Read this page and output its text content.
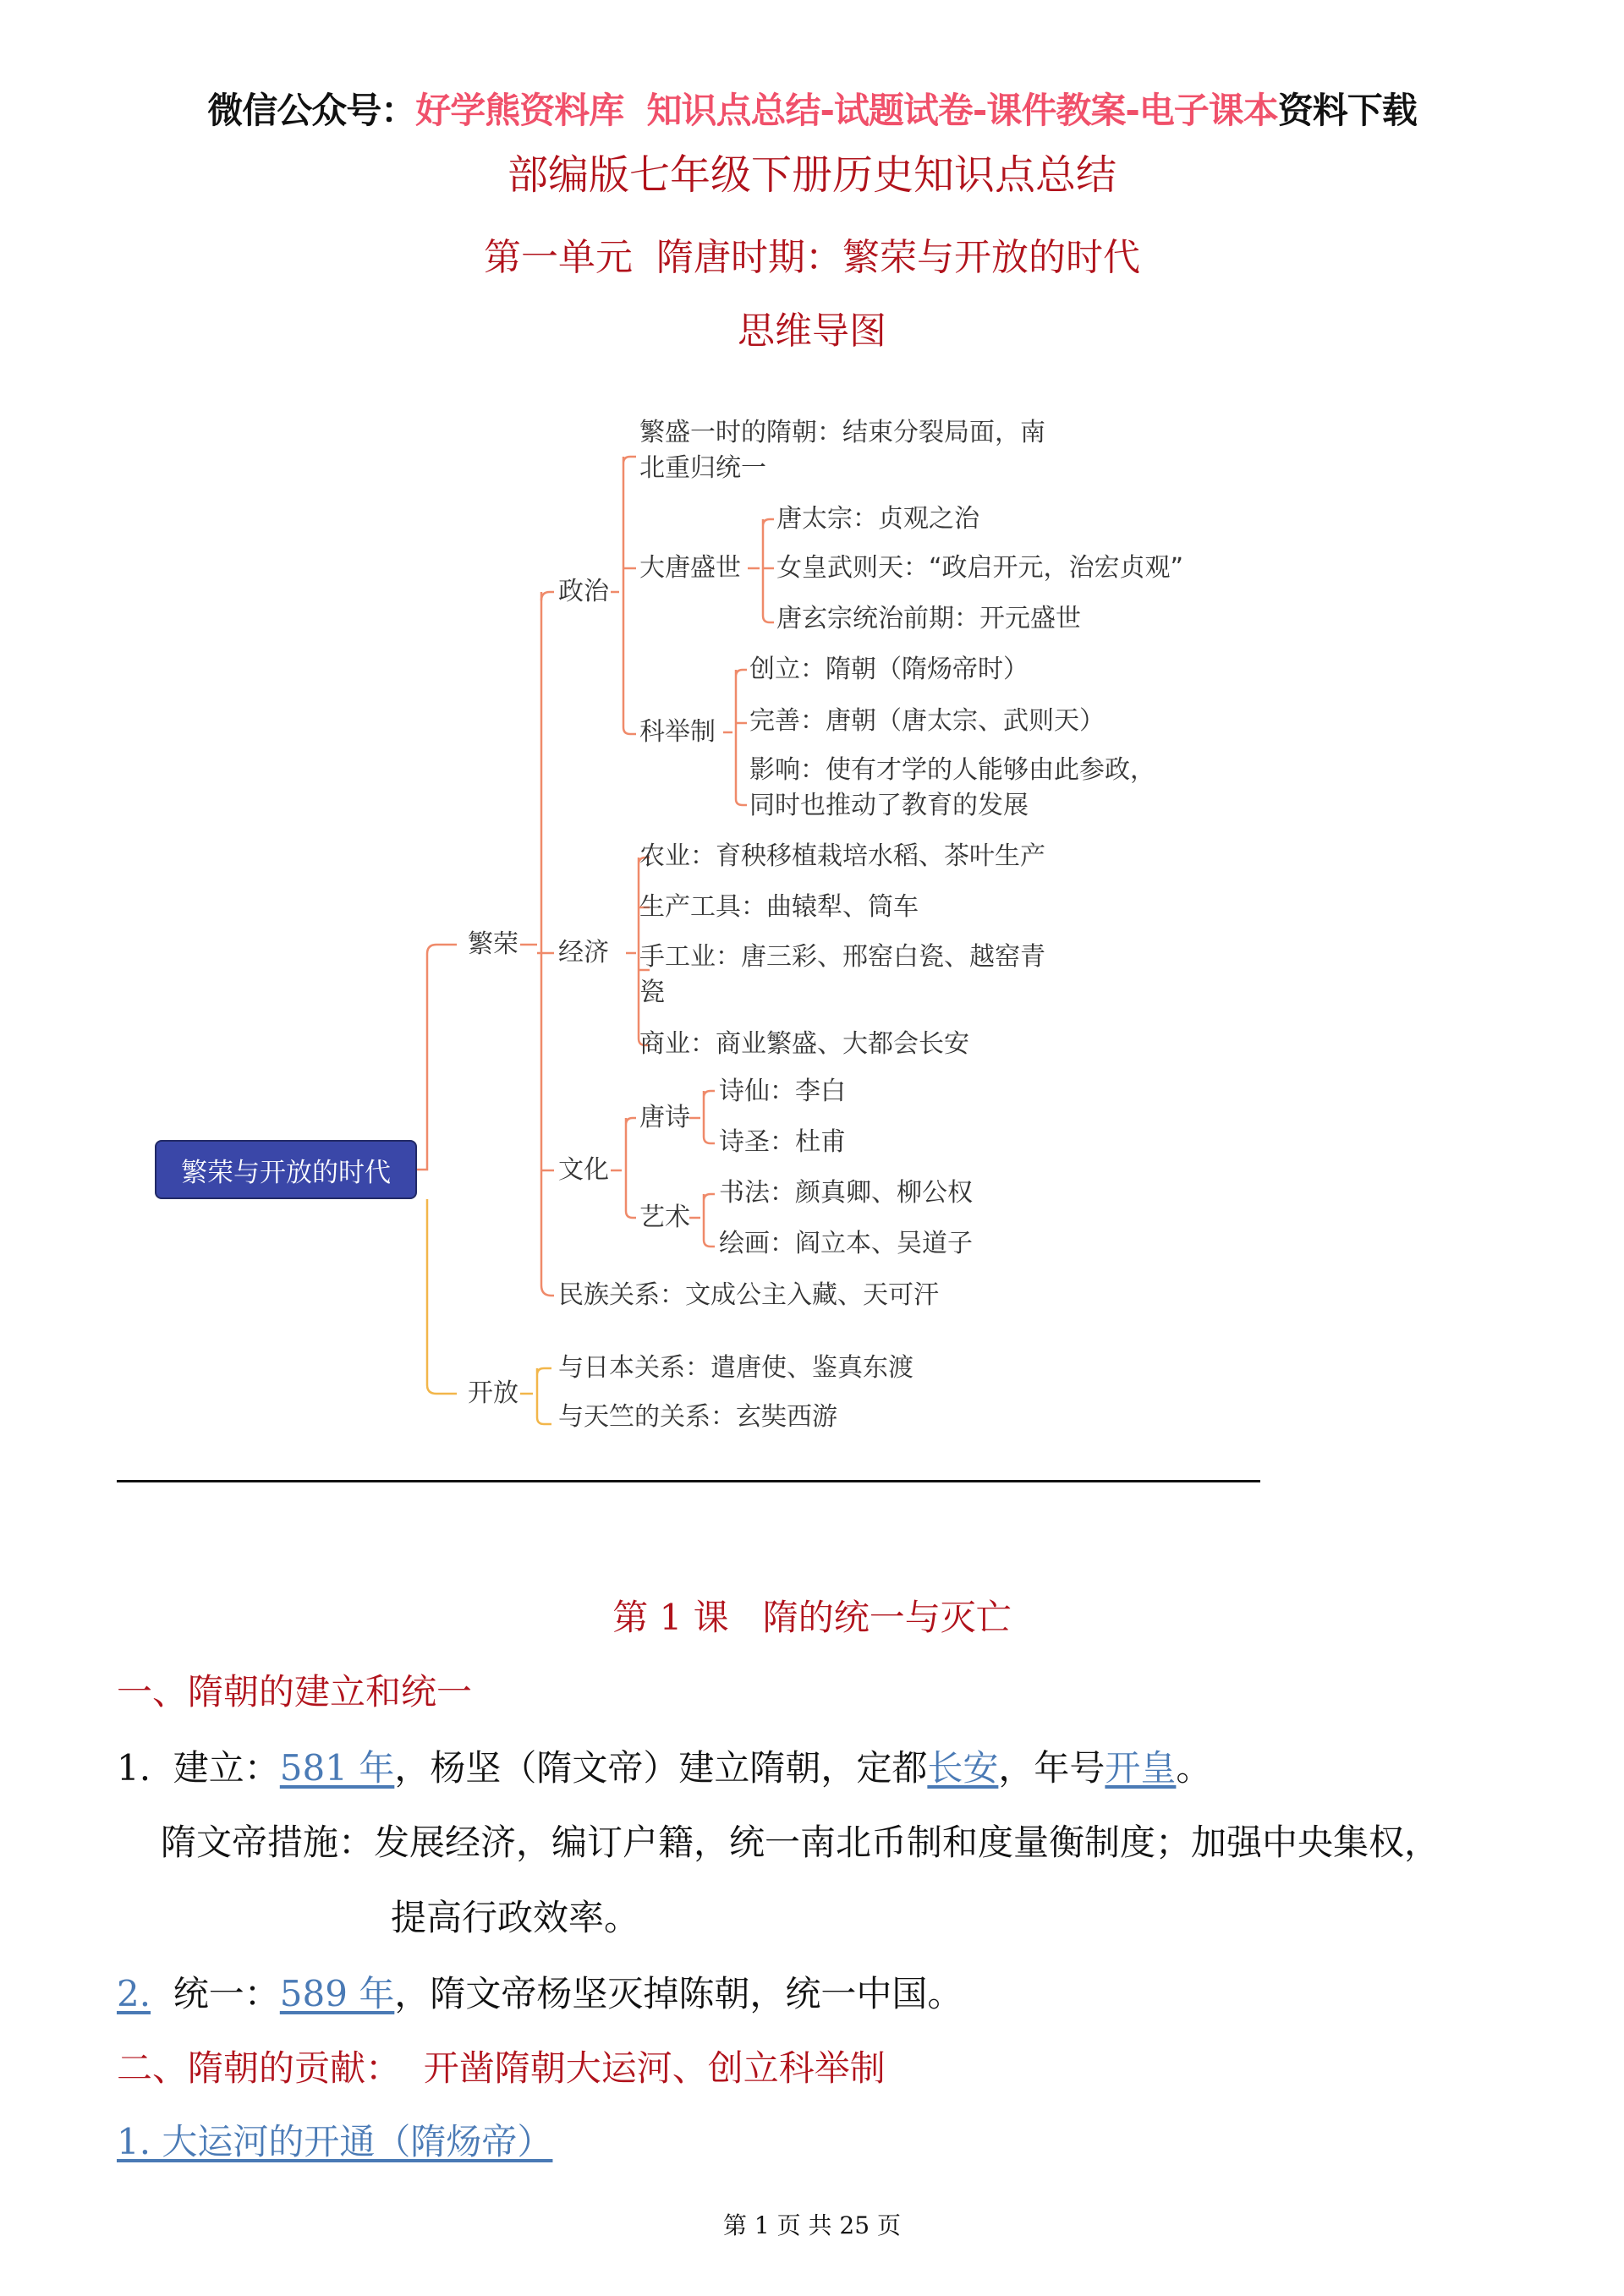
微信公众号：好学熊资料库 知识点总结-试题试卷-课件教案-电子课本资料下载
部编版七年级下册历史知识点总结
第一单元  隋唐时期：繁荣与开放的时代
思维导图
繁荣与开放的时代
繁荣
开放
政治
繁盛一时的隋朝：结束分裂局面，南
北重归统一
大唐盛世
唐太宗：贞观之治
女皇武则天：“政启开元，治宏贞观”
唐玄宗统治前期：开元盛世
科举制
创立：隋朝（隋炀帝时）
完善：唐朝（唐太宗、武则天）
影响：使有才学的人能够由此参政，
同时也推动了教育的发展
经济
农业：育秧移植栽培水稻、茶叶生产
生产工具：曲辕犁、筒车
手工业：唐三彩、邢窑白瓷、越窑青
瓷
商业：商业繁盛、大都会长安
文化
唐诗
诗仙：李白
诗圣：杜甫
艺术
书法：颜真卿、柳公权
绘画：阎立本、吴道子
民族关系：文成公主入藏、天可汗
与日本关系：遣唐使、鉴真东渡
与天竺的关系：玄奘西游
第 1 课   隋的统一与灭亡
一、隋朝的建立和统一
1. 建立：581 年，杨坚（隋文帝）建立隋朝，定都长安，年号开皇。
隋文帝措施：发展经济，编订户籍，统一南北币制和度量衡制度；加强中央集权，
提高行政效率。
2. 统一：589 年，隋文帝杨坚灭掉陈朝，统一中国。
二、隋朝的贡献：  开凿隋朝大运河、创立科举制
1. 大运河的开通（隋炀帝）
第 1 页 共 25 页
